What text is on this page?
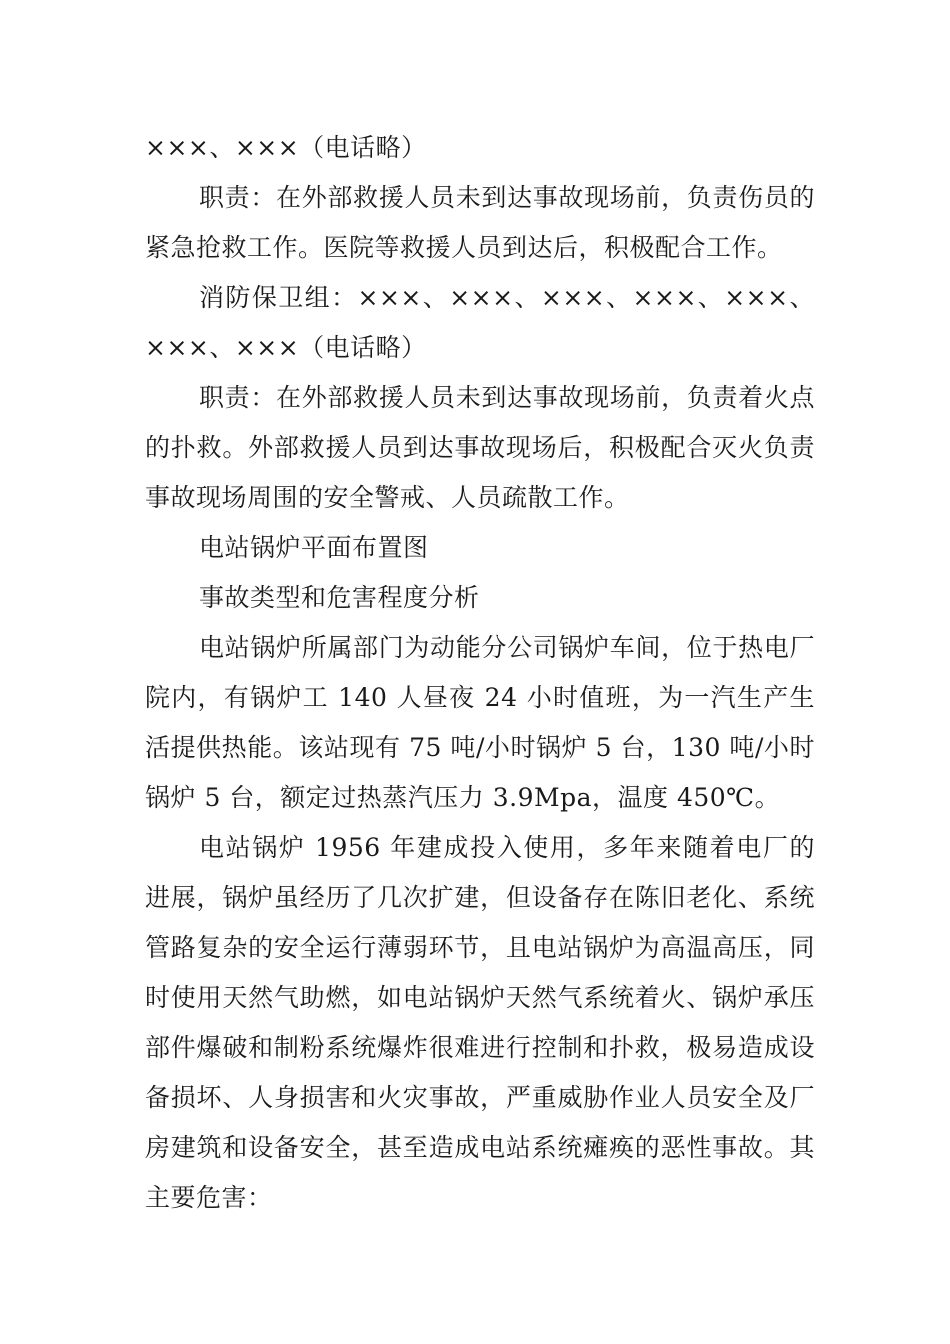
×××、×××（电话略）

职责：在外部救援人员未到达事故现场前，负责伤员的紧急抢救工作。医院等救援人员到达后，积极配合工作。

消防保卫组：×××、×××、×××、×××、×××、×××、×××（电话略）

职责：在外部救援人员未到达事故现场前，负责着火点的扑救。外部救援人员到达事故现场后，积极配合灭火负责事故现场周围的安全警戒、人员疏散工作。

电站锅炉平面布置图

事故类型和危害程度分析

电站锅炉所属部门为动能分公司锅炉车间，位于热电厂院内，有锅炉工 140 人昼夜 24 小时值班，为一汽生产生活提供热能。该站现有 75 吨/小时锅炉 5 台，130 吨/小时锅炉 5 台，额定过热蒸汽压力 3.9Mpa，温度 450℃。

电站锅炉 1956 年建成投入使用，多年来随着电厂的进展，锅炉虽经历了几次扩建，但设备存在陈旧老化、系统管路复杂的安全运行薄弱环节，且电站锅炉为高温高压，同时使用天然气助燃，如电站锅炉天然气系统着火、锅炉承压部件爆破和制粉系统爆炸很难进行控制和扑救，极易造成设备损坏、人身损害和火灾事故，严重威胁作业人员安全及厂房建筑和设备安全，甚至造成电站系统瘫痪的恶性事故。其主要危害：
